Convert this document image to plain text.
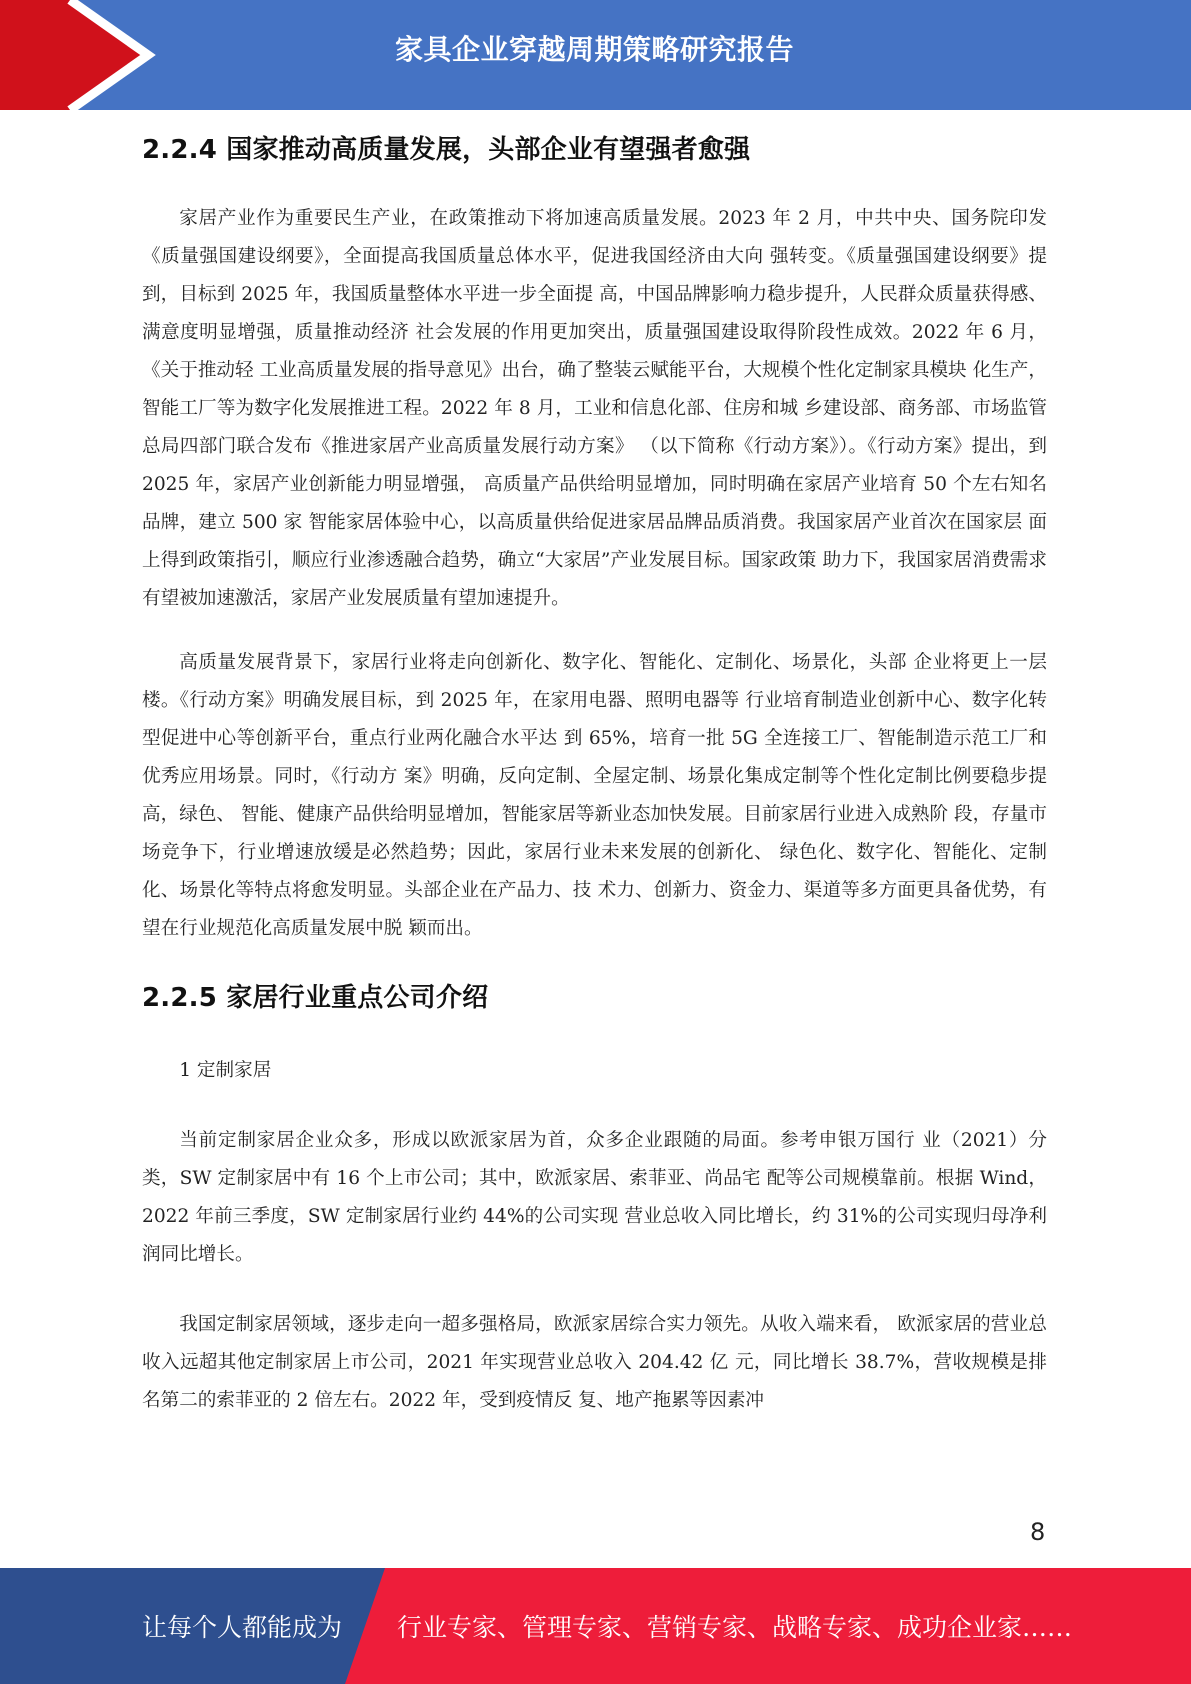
家具企业穿越周期策略研究报告
2.2.4 国家推动高质量发展，头部企业有望强者愈强

家居产业作为重要民生产业，在政策推动下将加速高质量发展。2023 年 2 月，中共中央、国务院印发《质量强国建设纲要》，全面提高我国质量总体水平，促进我国经济由大向 强转变。《质量强国建设纲要》提到，目标到 2025 年，我国质量整体水平进一步全面提 高，中国品牌影响力稳步提升，人民群众质量获得感、满意度明显增强，质量推动经济 社会发展的作用更加突出，质量强国建设取得阶段性成效。2022 年 6 月，《关于推动轻 工业高质量发展的指导意见》出台，确了整装云赋能平台，大规模个性化定制家具模块 化生产，智能工厂等为数字化发展推进工程。2022 年 8 月，工业和信息化部、住房和城 乡建设部、商务部、市场监管总局四部门联合发布《推进家居产业高质量发展行动方案》 （以下简称《行动方案》）。《行动方案》提出，到 2025 年，家居产业创新能力明显增强， 高质量产品供给明显增加，同时明确在家居产业培育 50 个左右知名品牌，建立 500 家 智能家居体验中心，以高质量供给促进家居品牌品质消费。我国家居产业首次在国家层 面上得到政策指引，顺应行业渗透融合趋势，确立“大家居”产业发展目标。国家政策 助力下，我国家居消费需求有望被加速激活，家居产业发展质量有望加速提升。

高质量发展背景下，家居行业将走向创新化、数字化、智能化、定制化、场景化，头部 企业将更上一层楼。《行动方案》明确发展目标，到 2025 年，在家用电器、照明电器等 行业培育制造业创新中心、数字化转型促进中心等创新平台，重点行业两化融合水平达 到 65%，培育一批 5G 全连接工厂、智能制造示范工厂和优秀应用场景。同时，《行动方 案》明确，反向定制、全屋定制、场景化集成定制等个性化定制比例要稳步提高，绿色、 智能、健康产品供给明显增加，智能家居等新业态加快发展。目前家居行业进入成熟阶 段，存量市场竞争下，行业增速放缓是必然趋势；因此，家居行业未来发展的创新化、 绿色化、数字化、智能化、定制化、场景化等特点将愈发明显。头部企业在产品力、技 术力、创新力、资金力、渠道等多方面更具备优势，有望在行业规范化高质量发展中脱 颖而出。

2.2.5 家居行业重点公司介绍

1 定制家居

当前定制家居企业众多，形成以欧派家居为首，众多企业跟随的局面。参考申银万国行 业（2021）分类，SW 定制家居中有 16 个上市公司；其中，欧派家居、索菲亚、尚品宅 配等公司规模靠前。根据 Wind，2022 年前三季度，SW 定制家居行业约 44%的公司实现 营业总收入同比增长，约 31%的公司实现归母净利润同比增长。

我国定制家居领域，逐步走向一超多强格局，欧派家居综合实力领先。从收入端来看， 欧派家居的营业总收入远超其他定制家居上市公司，2021 年实现营业总收入 204.42 亿 元，同比增长 38.7%，营收规模是排名第二的索菲亚的 2 倍左右。2022 年，受到疫情反 复、地产拖累等因素冲

8
让每个人都能成为 行业专家、管理专家、营销专家、战略专家、成功企业家……
